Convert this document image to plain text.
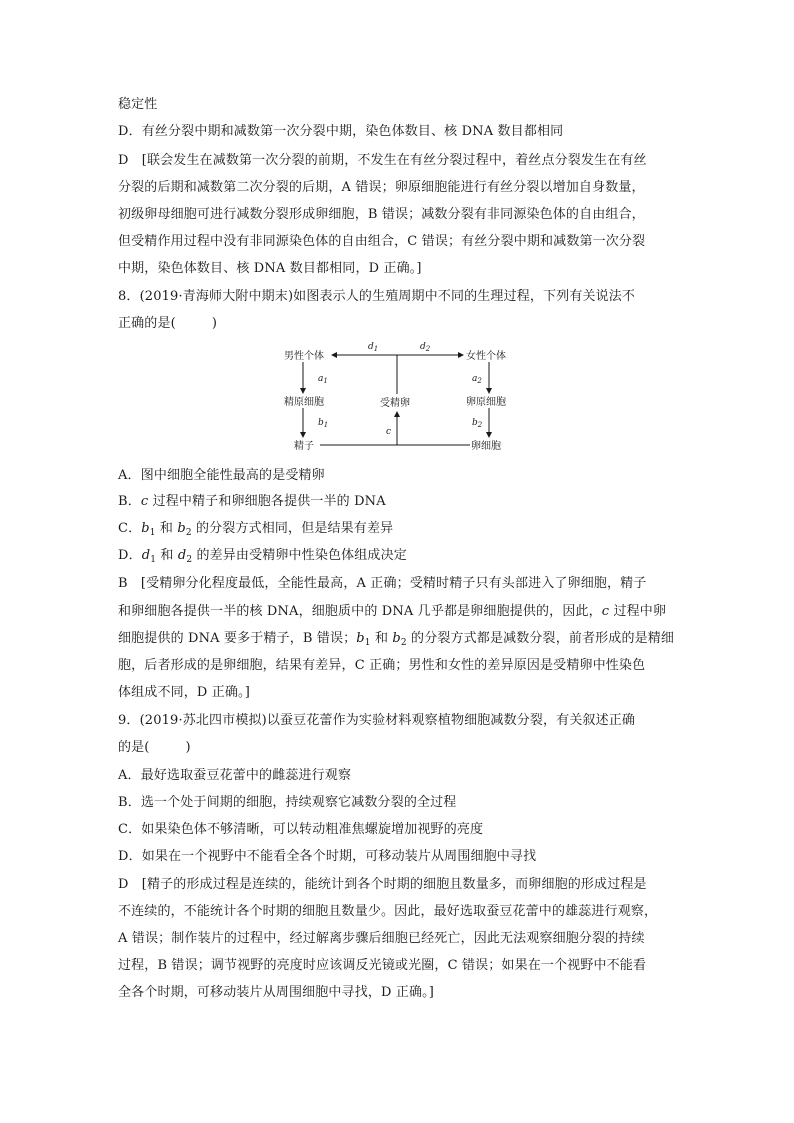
稳定性
D．有丝分裂中期和减数第一次分裂中期，染色体数目、核 DNA 数目都相同
D　[联会发生在减数第一次分裂的前期，不发生在有丝分裂过程中，着丝点分裂发生在有丝
分裂的后期和减数第二次分裂的后期，A 错误；卵原细胞能进行有丝分裂以增加自身数量，
初级卵母细胞可进行减数分裂形成卵细胞，B 错误；减数分裂有非同源染色体的自由组合，
但受精作用过程中没有非同源染色体的自由组合，C 错误；有丝分裂中期和减数第一次分裂
中期，染色体数目、核 DNA 数目都相同，D 正确。]
8．(2019·青海师大附中期末)如图表示人的生殖周期中不同的生理过程，下列有关说法不
正确的是(	)
男性个体	女性个体
精原细胞	卵原细胞
受精卵
精子	卵细胞
$d_1$	$d_2$
$a_1$	$a_2$
$b_1$	$b_2$
c
A．图中细胞全能性最高的是受精卵
B．c 过程中精子和卵细胞各提供一半的 DNA
C．$b_1$ 和 $b_2$ 的分裂方式相同，但是结果有差异
D．$d_1$ 和 $d_2$ 的差异由受精卵中性染色体组成决定
B　[受精卵分化程度最低，全能性最高，A 正确；受精时精子只有头部进入了卵细胞，精子
和卵细胞各提供一半的核 DNA，细胞质中的 DNA 几乎都是卵细胞提供的，因此，c 过程中卵
细胞提供的 DNA 要多于精子，B 错误；$b_1$ 和 $b_2$ 的分裂方式都是减数分裂，前者形成的是精细
胞，后者形成的是卵细胞，结果有差异，C 正确；男性和女性的差异原因是受精卵中性染色
体组成不同，D 正确。]
9．(2019·苏北四市模拟)以蚕豆花蕾作为实验材料观察植物细胞减数分裂，有关叙述正确
的是(	)
A．最好选取蚕豆花蕾中的雌蕊进行观察
B．选一个处于间期的细胞，持续观察它减数分裂的全过程
C．如果染色体不够清晰，可以转动粗准焦螺旋增加视野的亮度
D．如果在一个视野中不能看全各个时期，可移动装片从周围细胞中寻找
D　[精子的形成过程是连续的，能统计到各个时期的细胞且数量多，而卵细胞的形成过程是
不连续的，不能统计各个时期的细胞且数量少。因此，最好选取蚕豆花蕾中的雄蕊进行观察，
A 错误；制作装片的过程中，经过解离步骤后细胞已经死亡，因此无法观察细胞分裂的持续
过程，B 错误；调节视野的亮度时应该调反光镜或光圈，C 错误；如果在一个视野中不能看
全各个时期，可移动装片从周围细胞中寻找，D 正确。]
